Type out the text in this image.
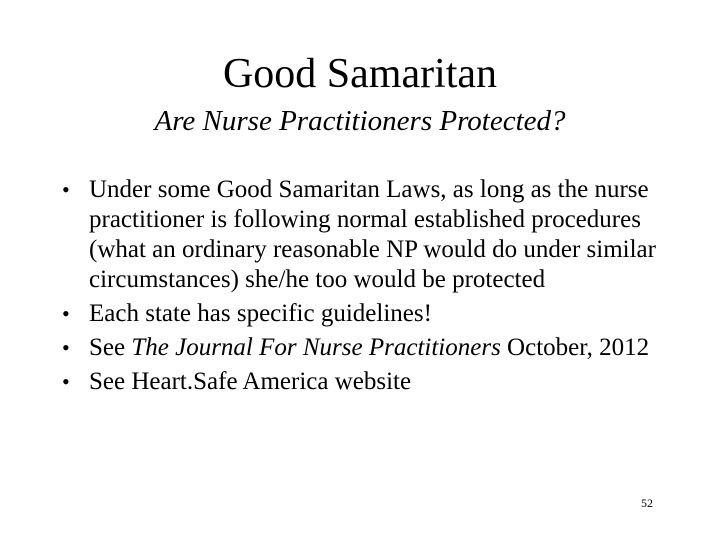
Good Samaritan
Are Nurse Practitioners Protected?
• Under some Good Samaritan Laws, as long as the nurse practitioner is following normal established procedures (what an ordinary reasonable NP would do under similar circumstances) she/he too would be protected
• Each state has specific guidelines!
• See The Journal For Nurse Practitioners October, 2012
• See Heart.Safe America website
52
